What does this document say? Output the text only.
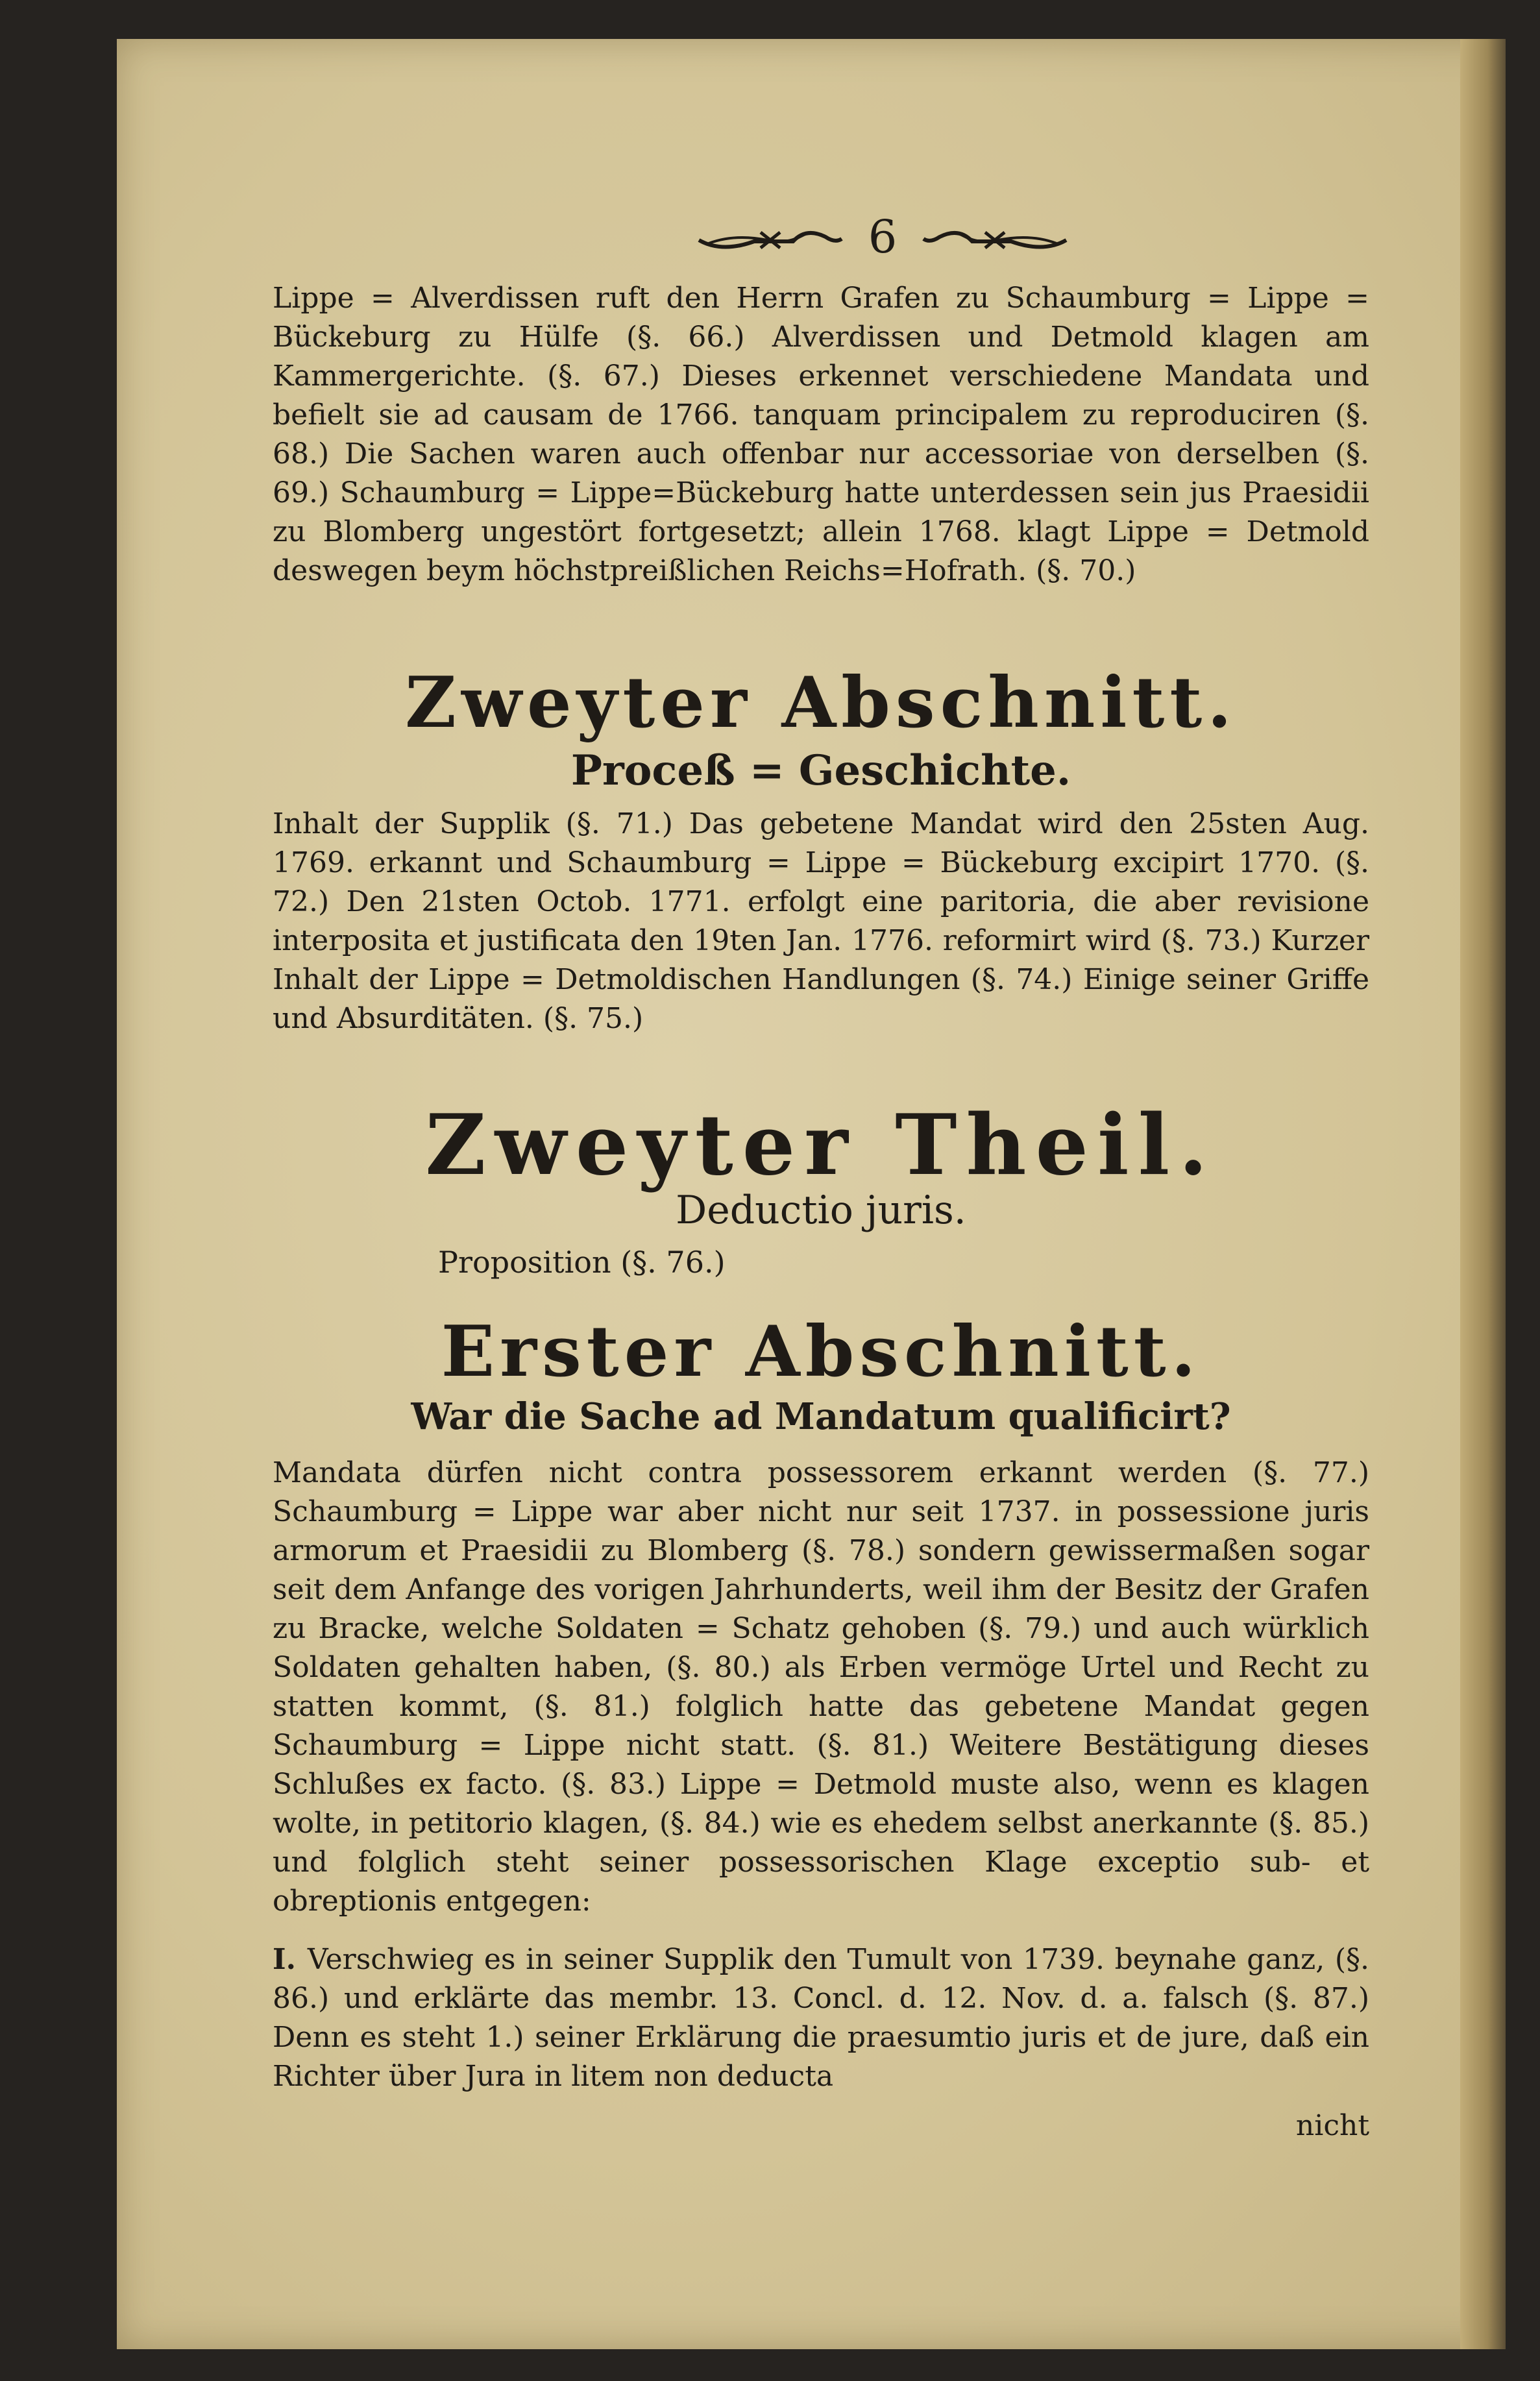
6

Lippe = Alverdissen ruft den Herrn Grafen zu Schaumburg = Lippe = Bückeburg zu Hülfe (§. 66.) Alverdissen und Detmold klagen am Kammergerichte. (§. 67.) Dieses erkennet verschiedene Mandata und befielt sie ad causam de 1766. tanquam principalem zu reproduciren (§. 68.) Die Sachen waren auch offenbar nur accessoriae von derselben (§. 69.) Schaumburg = Lippe=Bückeburg hatte unterdessen sein jus Praesidii zu Blomberg ungestört fortgesetzt; allein 1768. klagt Lippe = Detmold deswegen beym höchstpreißlichen Reichs=Hofrath. (§. 70.)

Zweyter Abschnitt.
Proceß = Geschichte.

Inhalt der Supplik (§. 71.) Das gebetene Mandat wird den 25sten Aug. 1769. erkannt und Schaumburg = Lippe = Bückeburg excipirt 1770. (§. 72.) Den 21sten Octob. 1771. erfolgt eine paritoria, die aber revisione interposita et justificata den 19ten Jan. 1776. reformirt wird (§. 73.) Kurzer Inhalt der Lippe = Detmoldischen Handlungen (§. 74.) Einige seiner Griffe und Absurditäten. (§. 75.)

Zweyter Theil.

Deductio juris.

Proposition (§. 76.)

Erster Abschnitt.
War die Sache ad Mandatum qualificirt?

Mandata dürfen nicht contra possessorem erkannt werden (§. 77.) Schaumburg = Lippe war aber nicht nur seit 1737. in possessione juris armorum et Praesidii zu Blomberg (§. 78.) sondern gewissermaßen sogar seit dem Anfange des vorigen Jahrhunderts, weil ihm der Besitz der Grafen zu Bracke, welche Soldaten = Schatz gehoben (§. 79.) und auch würklich Soldaten gehalten haben, (§. 80.) als Erben vermöge Urtel und Recht zu statten kommt, (§. 81.) folglich hatte das gebetene Mandat gegen Schaumburg = Lippe nicht statt. (§. 81.) Weitere Bestätigung dieses Schlußes ex facto. (§. 83.) Lippe = Detmold muste also, wenn es klagen wolte, in petitorio klagen, (§. 84.) wie es ehedem selbst anerkannte (§. 85.) und folglich steht seiner possessorischen Klage exceptio sub- et obreptionis entgegen:

I. Verschwieg es in seiner Supplik den Tumult von 1739. beynahe ganz, (§. 86.) und erklärte das membr. 13. Concl. d. 12. Nov. d. a. falsch (§. 87.) Denn es steht 1.) seiner Erklärung die praesumtio juris et de jure, daß ein Richter über Jura in litem non deducta

nicht
